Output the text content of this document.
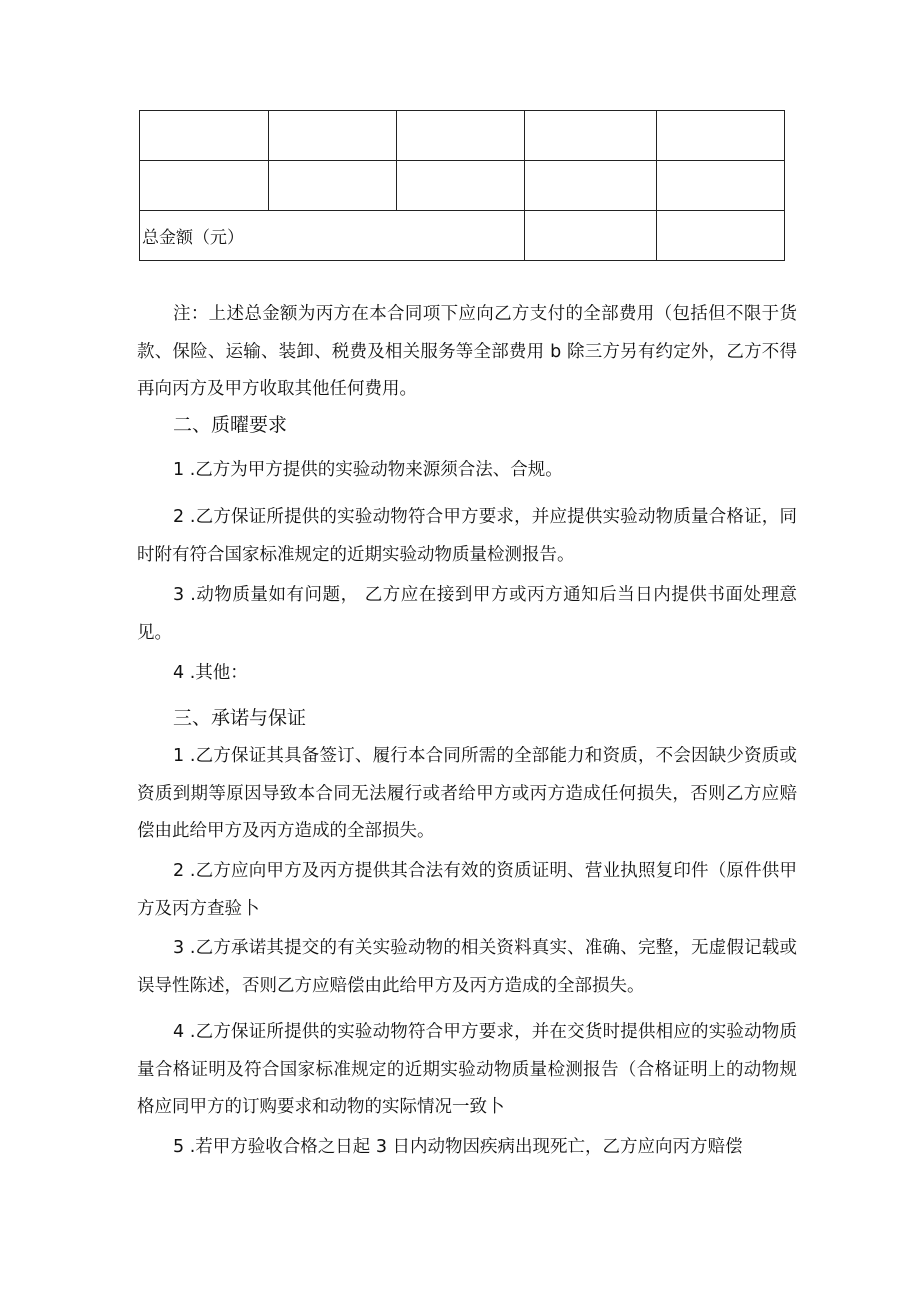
总金额（元）				

注：上述总金额为丙方在本合同项下应向乙方支付的全部费用（包括但不限于货款、保险、运输、装卸、税费及相关服务等全部费用 b 除三方另有约定外，乙方不得再向丙方及甲方收取其他任何费用。

二、质曜要求

1 .乙方为甲方提供的实验动物来源须合法、合规。

2 .乙方保证所提供的实验动物符合甲方要求，并应提供实验动物质量合格证，同时附有符合国家标准规定的近期实验动物质量检测报告。

3 .动物质量如有问题， 乙方应在接到甲方或丙方通知后当日内提供书面处理意见。

4 .其他：

三、承诺与保证

1 .乙方保证其具备签订、履行本合同所需的全部能力和资质，不会因缺少资质或资质到期等原因导致本合同无法履行或者给甲方或丙方造成任何损失，否则乙方应赔偿由此给甲方及丙方造成的全部损失。

2 .乙方应向甲方及丙方提供其合法有效的资质证明、营业执照复印件（原件供甲方及丙方查验卜

3 .乙方承诺其提交的有关实验动物的相关资料真实、准确、完整，无虚假记载或误导性陈述，否则乙方应赔偿由此给甲方及丙方造成的全部损失。

4 .乙方保证所提供的实验动物符合甲方要求，并在交货时提供相应的实验动物质量合格证明及符合国家标准规定的近期实验动物质量检测报告（合格证明上的动物规格应同甲方的订购要求和动物的实际情况一致卜

5 .若甲方验收合格之日起 3 日内动物因疾病出现死亡，乙方应向丙方赔偿
